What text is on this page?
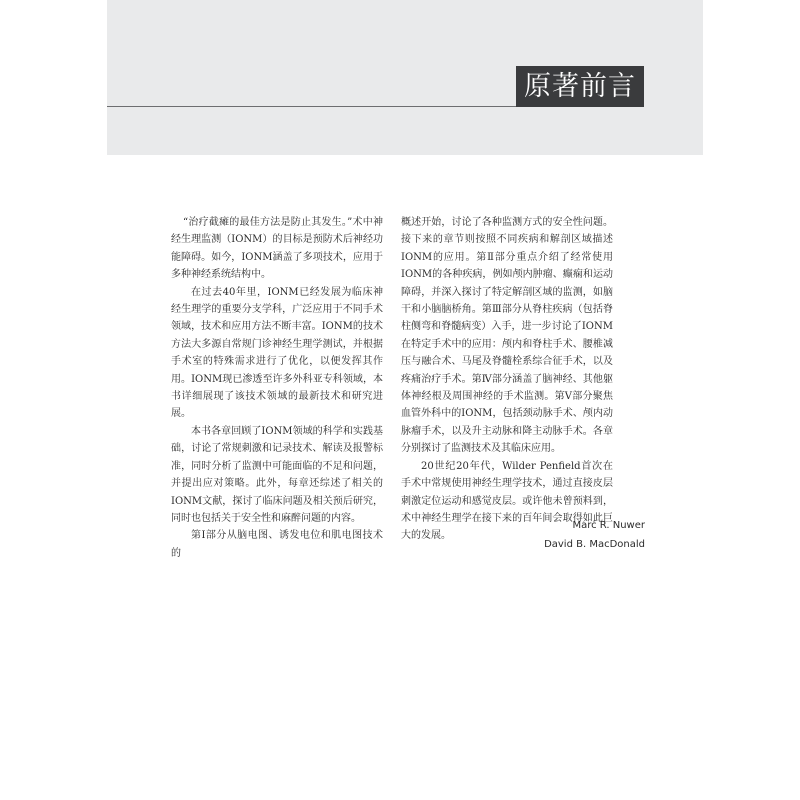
原著前言

“治疗截瘫的最佳方法是防止其发生。”术中神经生理监测（IONM）的目标是预防术后神经功能障碍。如今，IONM涵盖了多项技术，应用于多种神经系统结构中。

在过去40年里，IONM已经发展为临床神经生理学的重要分支学科，广泛应用于不同手术领域，技术和应用方法不断丰富。IONM的技术方法大多源自常规门诊神经生理学测试，并根据手术室的特殊需求进行了优化，以便发挥其作用。IONM现已渗透至许多外科亚专科领域，本书详细展现了该技术领域的最新技术和研究进展。

本书各章回顾了IONM领域的科学和实践基础，讨论了常规刺激和记录技术、解读及报警标准，同时分析了监测中可能面临的不足和问题，并提出应对策略。此外，每章还综述了相关的IONM文献，探讨了临床问题及相关预后研究，同时也包括关于安全性和麻醉问题的内容。

第Ⅰ部分从脑电图、诱发电位和肌电图技术的

概述开始，讨论了各种监测方式的安全性问题。接下来的章节则按照不同疾病和解剖区域描述IONM的应用。第Ⅱ部分重点介绍了经常使用IONM的各种疾病，例如颅内肿瘤、癫痫和运动障碍，并深入探讨了特定解剖区域的监测，如脑干和小脑脑桥角。第Ⅲ部分从脊柱疾病（包括脊柱侧弯和脊髓病变）入手，进一步讨论了IONM在特定手术中的应用：颅内和脊柱手术、腰椎减压与融合术、马尾及脊髓栓系综合征手术，以及疼痛治疗手术。第Ⅳ部分涵盖了脑神经、其他躯体神经根及周围神经的手术监测。第Ⅴ部分聚焦血管外科中的IONM，包括颈动脉手术、颅内动脉瘤手术，以及升主动脉和降主动脉手术。各章分别探讨了监测技术及其临床应用。

20世纪20年代，Wilder Penfield首次在手术中常规使用神经生理学技术，通过直接皮层刺激定位运动和感觉皮层。或许他未曾预料到，术中神经生理学在接下来的百年间会取得如此巨大的发展。

Marc R. Nuwer
David B. MacDonald
